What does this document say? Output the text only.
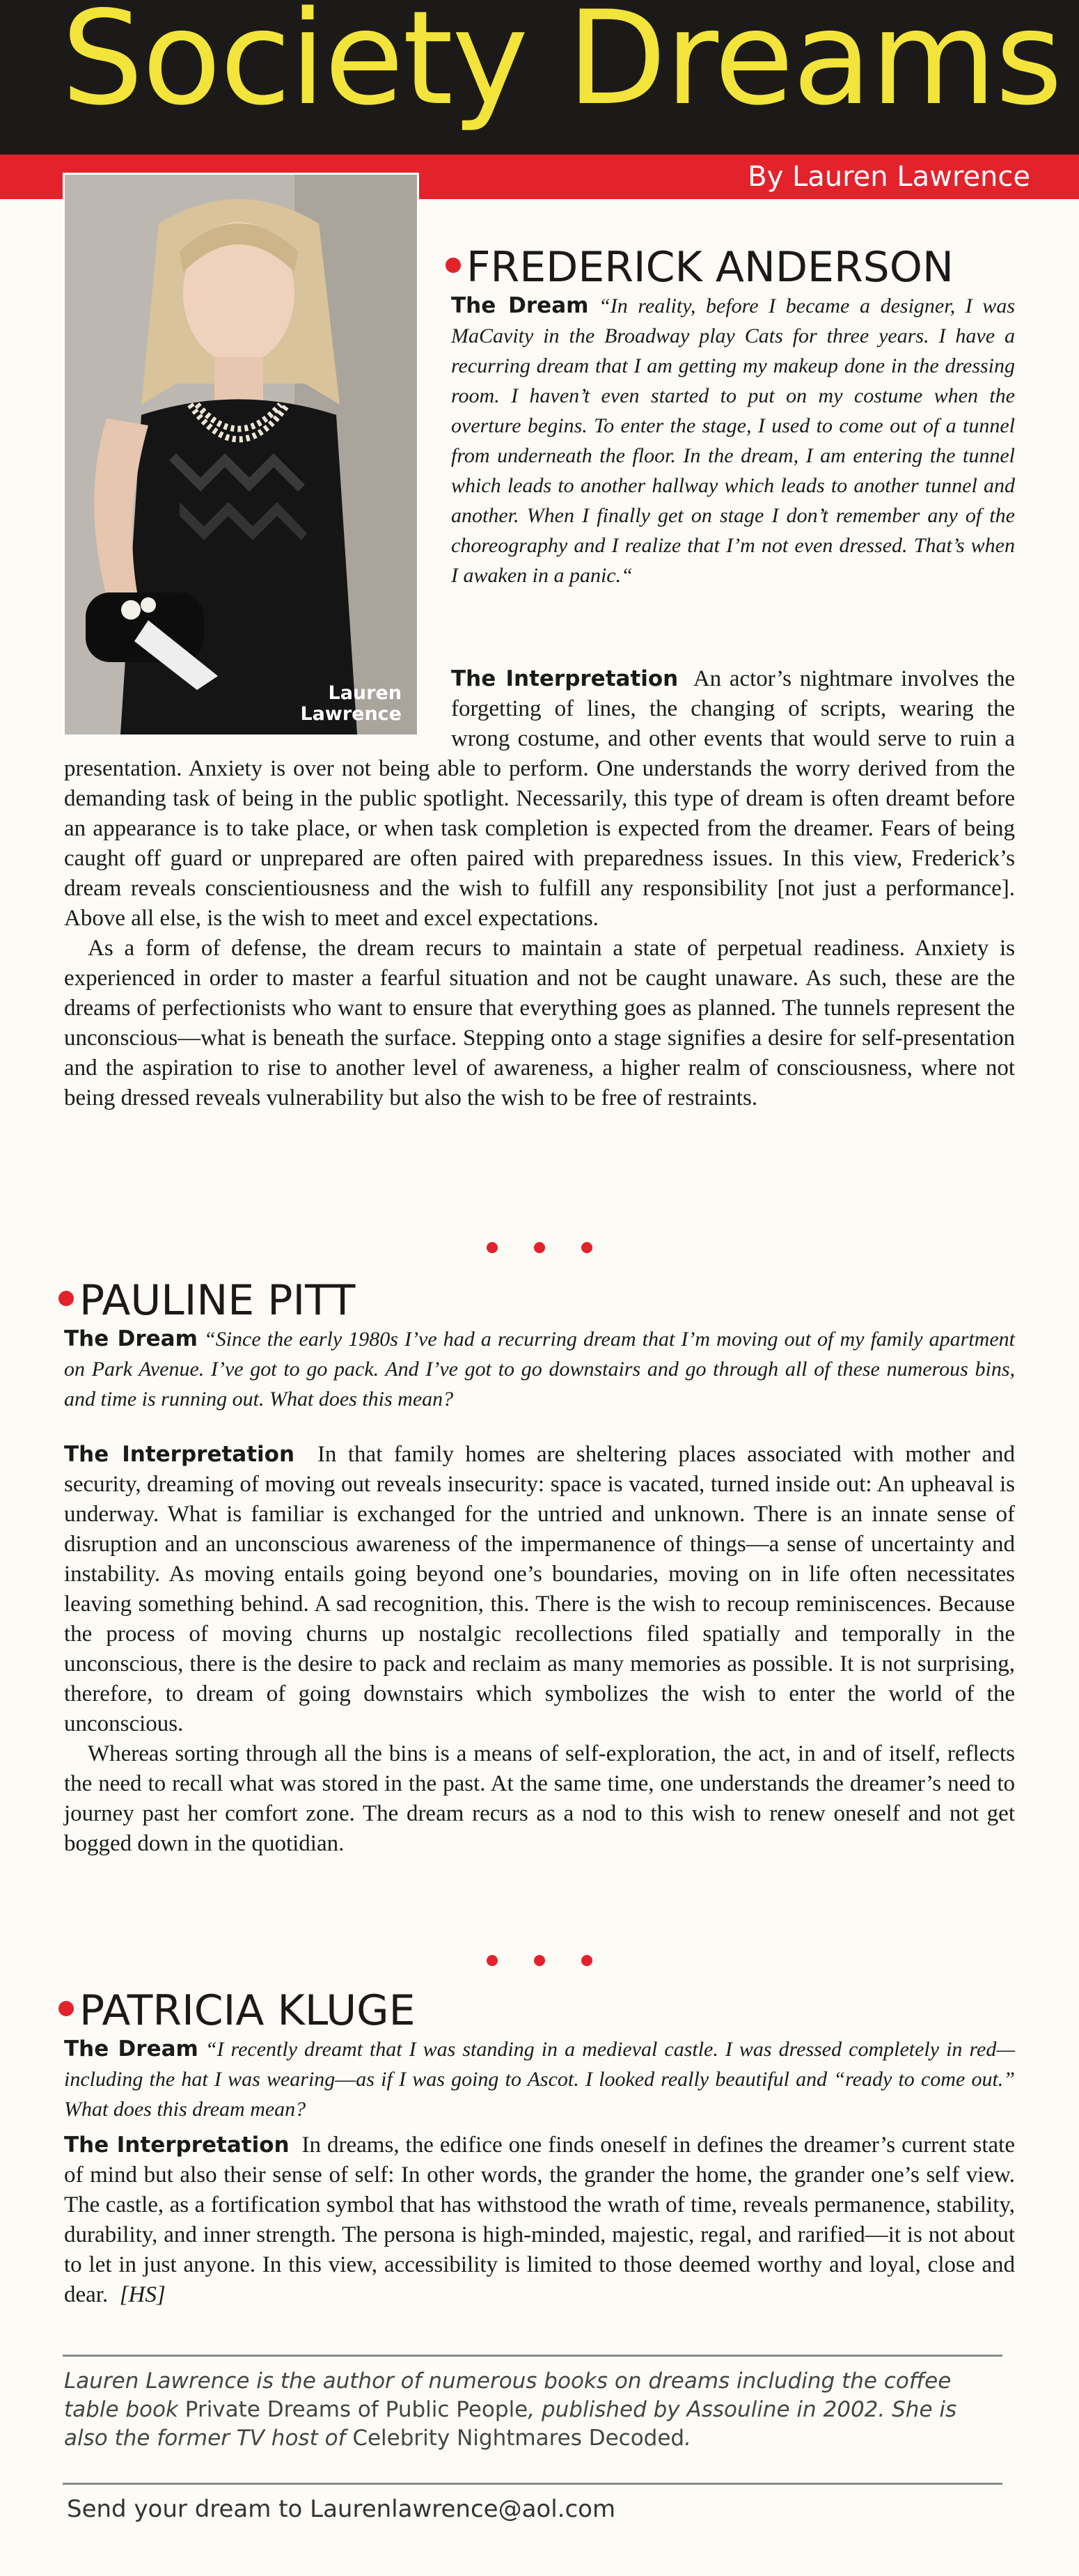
Society Dreams
By Lauren Lawrence
Lauren
Lawrence
FREDERICK ANDERSON
The Dream “In reality, before I became a designer, I was MaCavity in the Broadway play Cats for three years. I have a recurring dream that I am getting my makeup done in the dressing room. I haven’t even started to put on my costume when the overture begins. To enter the stage, I used to come out of a tunnel from underneath the floor. In the dream, I am entering the tunnel which leads to another hallway which leads to another tunnel and another. When I finally get on stage I don’t remember any of the choreography and I realize that I’m not even dressed. That’s when I awaken in a panic.“

The Interpretation An actor’s nightmare involves the forgetting of lines, the changing of scripts, wearing the wrong costume, and other events that would serve to ruin a presentation. Anxiety is over not being able to perform. One understands the worry derived from the demanding task of being in the public spotlight. Necessarily, this type of dream is often dreamt before an appearance is to take place, or when task completion is expected from the dreamer. Fears of being caught off guard or unprepared are often paired with preparedness issues. In this view, Frederick’s dream reveals conscientiousness and the wish to fulfill any responsibility [not just a performance]. Above all else, is the wish to meet and excel expectations.

As a form of defense, the dream recurs to maintain a state of perpetual readiness. Anxiety is experienced in order to master a fearful situation and not be caught unaware. As such, these are the dreams of perfectionists who want to ensure that everything goes as planned. The tunnels represent the unconscious—what is beneath the surface. Stepping onto a stage signifies a desire for self-presentation and the aspiration to rise to another level of awareness, a higher realm of consciousness, where not being dressed reveals vulnerability but also the wish to be free of restraints.

PAULINE PITT
The Dream “Since the early 1980s I’ve had a recurring dream that I’m moving out of my family apartment on Park Avenue. I’ve got to go pack. And I’ve got to go downstairs and go through all of these numerous bins, and time is running out. What does this mean?

The Interpretation In that family homes are sheltering places associated with mother and security, dreaming of moving out reveals insecurity: space is vacated, turned inside out: An upheaval is underway. What is familiar is exchanged for the untried and unknown. There is an innate sense of disruption and an unconscious awareness of the impermanence of things—a sense of uncertainty and instability. As moving entails going beyond one’s boundaries, moving on in life often necessitates leaving something behind. A sad recognition, this. There is the wish to recoup reminiscences. Because the process of moving churns up nostalgic recollections filed spatially and temporally in the unconscious, there is the desire to pack and reclaim as many memories as possible. It is not surprising, therefore, to dream of going downstairs which symbolizes the wish to enter the world of the unconscious.

Whereas sorting through all the bins is a means of self-exploration, the act, in and of itself, reflects the need to recall what was stored in the past. At the same time, one understands the dreamer’s need to journey past her comfort zone. The dream recurs as a nod to this wish to renew oneself and not get bogged down in the quotidian.

PATRICIA KLUGE
The Dream “I recently dreamt that I was standing in a medieval castle. I was dressed completely in red—including the hat I was wearing––as if I was going to Ascot. I looked really beautiful and “ready to come out.” What does this dream mean?

The Interpretation In dreams, the edifice one finds oneself in defines the dreamer’s current state of mind but also their sense of self: In other words, the grander the home, the grander one’s self view. The castle, as a fortification symbol that has withstood the wrath of time, reveals permanence, stability, durability, and inner strength. The persona is high-minded, majestic, regal, and rarified—it is not about to let in just anyone. In this view, accessibility is limited to those deemed worthy and loyal, close and dear. [HS]

Lauren Lawrence is the author of numerous books on dreams including the coffee table book Private Dreams of Public People, published by Assouline in 2002. She is also the former TV host of Celebrity Nightmares Decoded.
Send your dream to Laurenlawrence@aol.com
